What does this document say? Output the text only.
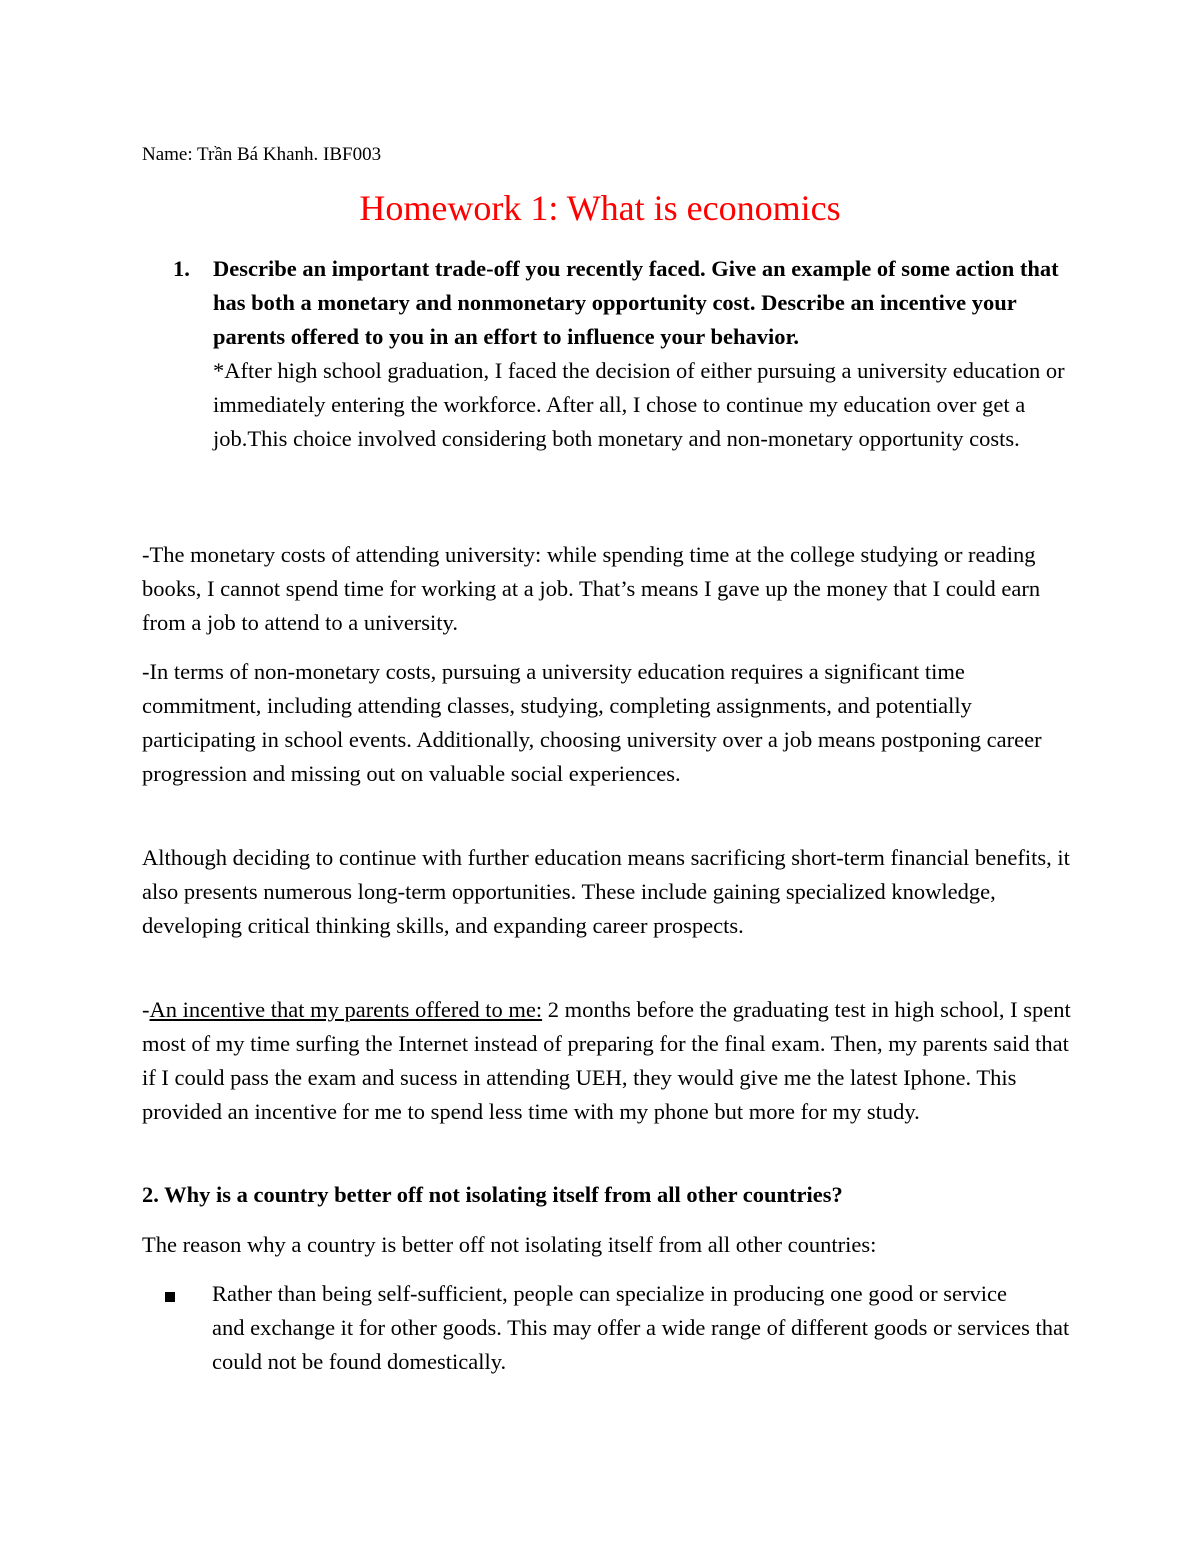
Name: Trần Bá Khanh. IBF003
Homework 1: What is economics
1. Describe an important trade-off you recently faced. Give an example of some action that has both a monetary and nonmonetary opportunity cost. Describe an incentive your parents offered to you in an effort to influence your behavior.

*After high school graduation, I faced the decision of either pursuing a university education or immediately entering the workforce. After all, I chose to continue my education over get a job.This choice involved considering both monetary and non-monetary opportunity costs.

-The monetary costs of attending university: while spending time at the college studying or reading books, I cannot spend time for working at a job. That’s means I gave up the money that I could earn from a job to attend to a university.

-In terms of non-monetary costs, pursuing a university education requires a significant time commitment, including attending classes, studying, completing assignments, and potentially participating in school events. Additionally, choosing university over a job means postponing career progression and missing out on valuable social experiences.

Although deciding to continue with further education means sacrificing short-term financial benefits, it also presents numerous long-term opportunities. These include gaining specialized knowledge, developing critical thinking skills, and expanding career prospects.

-An incentive that my parents offered to me: 2 months before the graduating test in high school, I spent most of my time surfing the Internet instead of preparing for the final exam. Then, my parents said that if I could pass the exam and sucess in attending UEH, they would give me the latest Iphone. This provided an incentive for me to spend less time with my phone but more for my study.

2. Why is a country better off not isolating itself from all other countries?

The reason why a country is better off not isolating itself from all other countries:

Rather than being self-sufficient, people can specialize in producing one good or service
and exchange it for other goods. This may offer a wide range of different goods or services that could not be found domestically.
